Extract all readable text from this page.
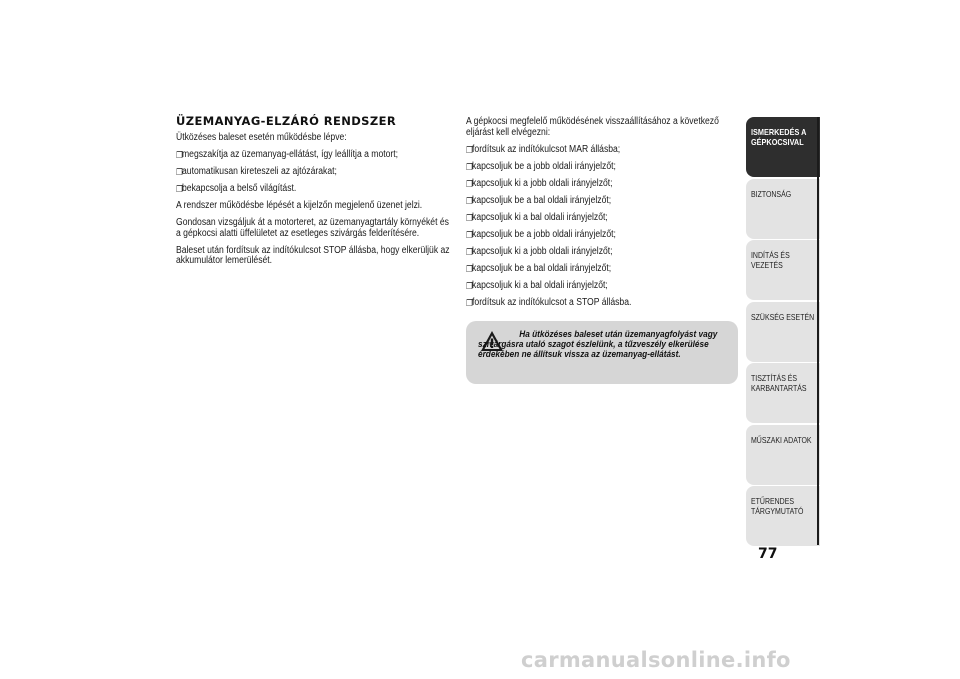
ÜZEMANYAG-ELZÁRÓ RENDSZER

Ütközéses baleset esetén működésbe lépve:

❐ megszakítja az üzemanyag-ellátást, így leállítja a motort;
❐ automatikusan kireteszeli az ajtózárakat;
❐ bekapcsolja a belső világítást.

A rendszer működésbe lépését a kijelzőn megjelenő üzenet jelzi.

Gondosan vizsgáljuk át a motorteret, az üzemanyagtartály környékét és a gépkocsi alatti üffelületet az esetleges szivárgás felderítésére.

Baleset után fordítsuk az indítókulcsot STOP állásba, hogy elkerüljük az akkumulátor lemerülését.

A gépkocsi megfelelő működésének visszaállításához a következő eljárást kell elvégezni:

❐ fordítsuk az indítókulcsot MAR állásba;
❐ kapcsoljuk be a jobb oldali irányjelzőt;
❐ kapcsoljuk ki a jobb oldali irányjelzőt;
❐ kapcsoljuk be a bal oldali irányjelzőt;
❐ kapcsoljuk ki a bal oldali irányjelzőt;
❐ kapcsoljuk be a jobb oldali irányjelzőt;
❐ kapcsoljuk ki a jobb oldali irányjelzőt;
❐ kapcsoljuk be a bal oldali irányjelzőt;
❐ kapcsoljuk ki a bal oldali irányjelzőt;
❐ fordítsuk az indítókulcsot a STOP állásba.
Ha ütközéses baleset után üzemanyagfolyást vagy szivárgásra utaló szagot észlelünk, a tűzveszély elkerülése érdekében ne állítsuk vissza az üzemanyag-ellátást.
ISMERKEDÉS A GÉPKOCSIVAL
BIZTONSÁG
INDÍTÁS ÉS VEZETÉS
SZÜKSÉG ESETÉN
TISZTÍTÁS ÉS KARBANTARTÁS
MŰSZAKI ADATOK
ETŰRENDES TÁRGYMUTATÓ
77
carmanualsonline.info
